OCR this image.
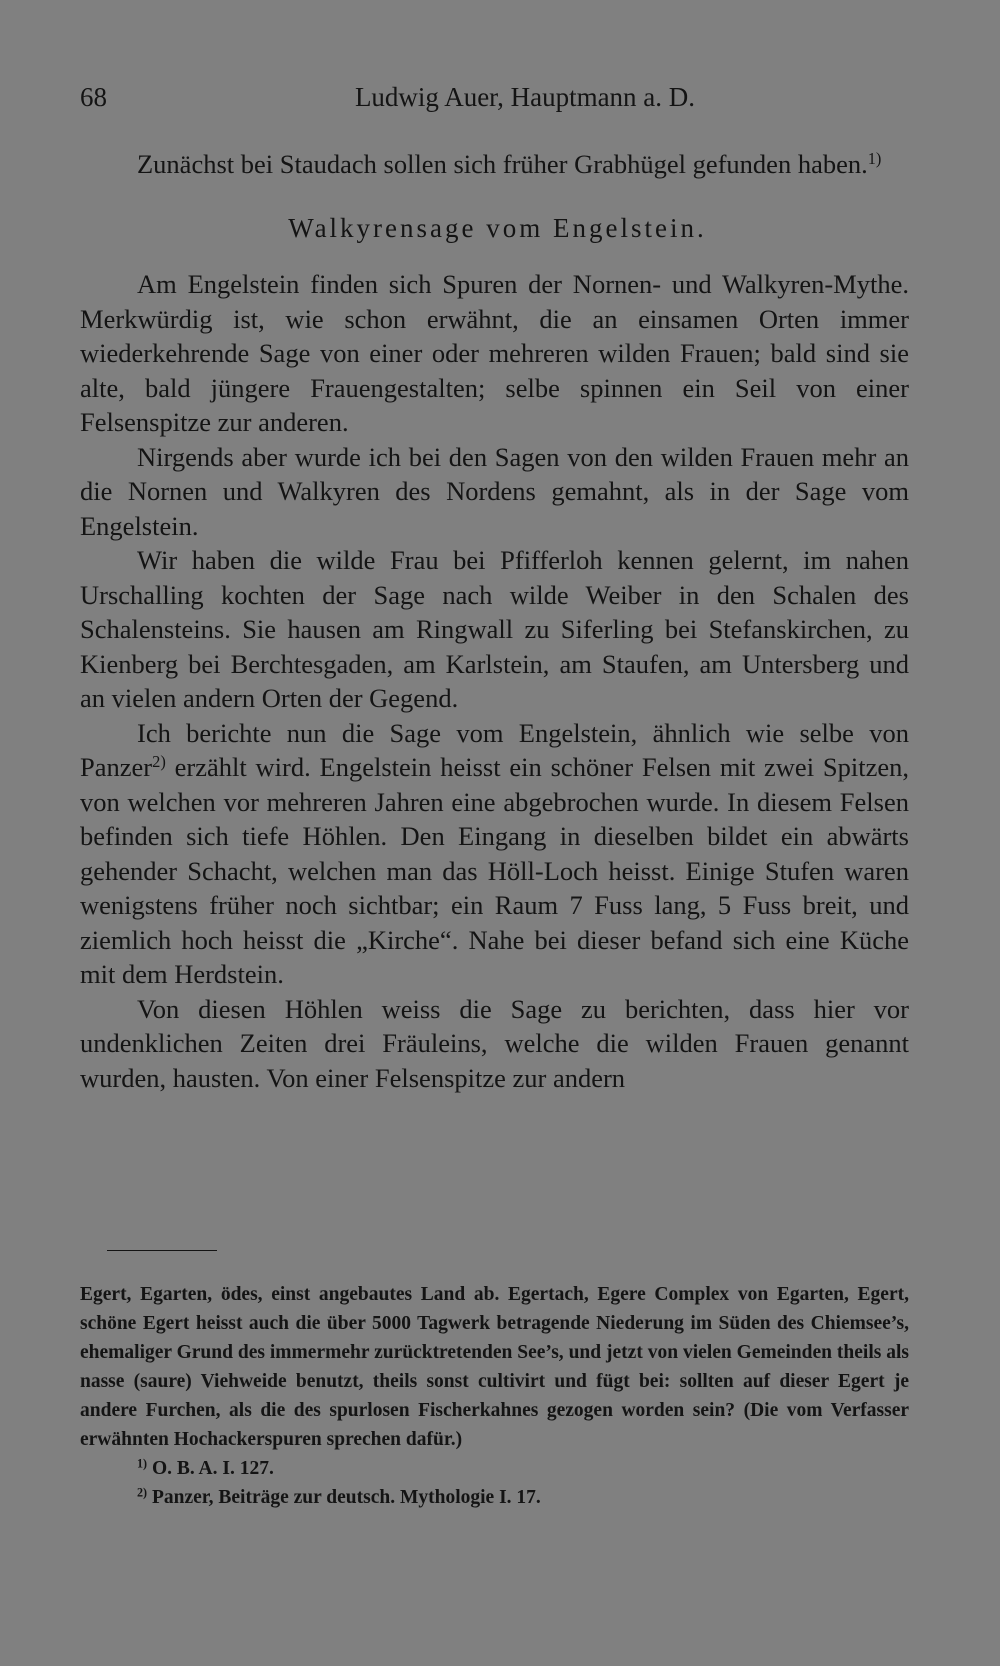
68	Ludwig Auer, Hauptmann a. D.

Zunächst bei Staudach sollen sich früher Grabhügel gefunden haben.$^{1)}$

Walkyrensage vom Engelstein.

Am Engelstein finden sich Spuren der Nornen- und Walkyren-Mythe. Merkwürdig ist, wie schon erwähnt, die an einsamen Orten immer wiederkehrende Sage von einer oder mehreren wilden Frauen; bald sind sie alte, bald jüngere Frauengestalten; selbe spinnen ein Seil von einer Felsenspitze zur anderen.

Nirgends aber wurde ich bei den Sagen von den wilden Frauen mehr an die Nornen und Walkyren des Nordens gemahnt, als in der Sage vom Engelstein.

Wir haben die wilde Frau bei Pfifferloh kennen gelernt, im nahen Urschalling kochten der Sage nach wilde Weiber in den Schalen des Schalensteins. Sie hausen am Ringwall zu Siferling bei Stefanskirchen, zu Kienberg bei Berchtesgaden, am Karlstein, am Staufen, am Untersberg und an vielen andern Orten der Gegend.

Ich berichte nun die Sage vom Engelstein, ähnlich wie selbe von Panzer$^{2)}$ erzählt wird. Engelstein heisst ein schöner Felsen mit zwei Spitzen, von welchen vor mehreren Jahren eine abgebrochen wurde. In diesem Felsen befinden sich tiefe Höhlen. Den Eingang in dieselben bildet ein abwärts gehender Schacht, welchen man das Höll-Loch heisst. Einige Stufen waren wenigstens früher noch sichtbar; ein Raum 7 Fuss lang, 5 Fuss breit, und ziemlich hoch heisst die „Kirche“. Nahe bei dieser befand sich eine Küche mit dem Herdstein.

Von diesen Höhlen weiss die Sage zu berichten, dass hier vor undenklichen Zeiten drei Fräuleins, welche die wilden Frauen genannt wurden, hausten. Von einer Felsenspitze zur andern

Egert, Egarten, ödes, einst angebautes Land ab. Egertach, Egere Complex von Egarten, Egert, schöne Egert heisst auch die über 5000 Tagwerk betragende Niederung im Süden des Chiemsee’s, ehemaliger Grund des immermehr zurücktretenden See’s, und jetzt von vielen Gemeinden theils als nasse (saure) Viehweide benutzt, theils sonst cultivirt und fügt bei: sollten auf dieser Egert je andere Furchen, als die des spurlosen Fischerkahnes gezogen worden sein? (Die vom Verfasser erwähnten Hochackerspuren sprechen dafür.)

$^{1)}$ O. B. A. I. 127.

$^{2)}$ Panzer, Beiträge zur deutsch. Mythologie I. 17.
